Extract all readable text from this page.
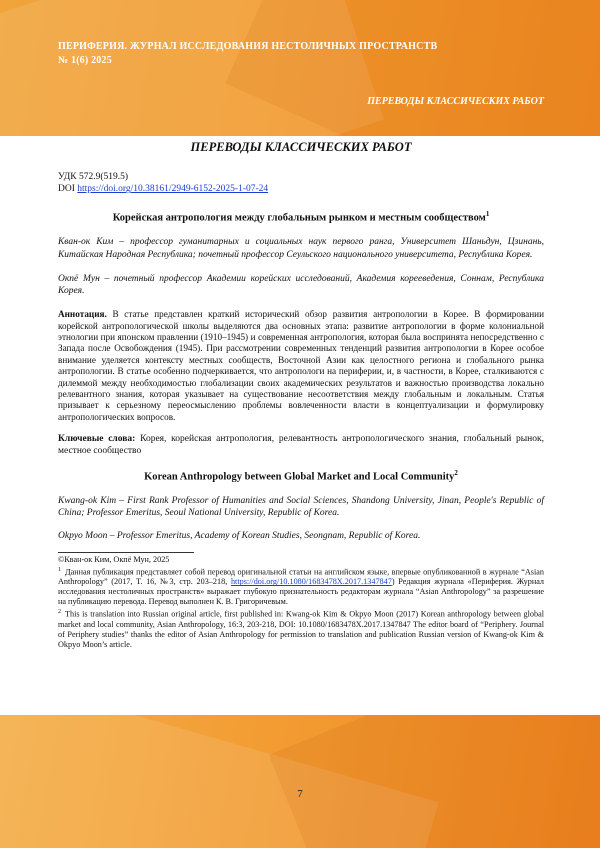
ПЕРИФЕРИЯ. ЖУРНАЛ ИССЛЕДОВАНИЯ НЕСТОЛИЧНЫХ ПРОСТРАНСТВ
№ 1(6) 2025
ПЕРЕВОДЫ КЛАССИЧЕСКИХ РАБОТ
ПЕРЕВОДЫ КЛАССИЧЕСКИХ РАБОТ
УДК 572.9(519.5)
DOI https://doi.org/10.38161/2949-6152-2025-1-07-24
Корейская антропология между глобальным рынком и местным сообществом$^1$

Кван-ок Ким – профессор гуманитарных и социальных наук первого ранга, Университет Шаньдун, Цзинань, Китайская Народная Республика; почетный профессор Сеульского национального университета, Республика Корея.

Окпё Мун – почетный профессор Академии корейских исследований, Академия корееведения, Соннам, Республика Корея.

Аннотация. В статье представлен краткий исторический обзор развития антропологии в Корее. В формировании корейской антропологической школы выделяются два основных этапа: развитие антропологии в форме колониальной этнологии при японском правлении (1910–1945) и современная антропология, которая была воспринята непосредственно с Запада после Освобождения (1945). При рассмотрении современных тенденций развития антропологии в Корее особое внимание уделяется контексту местных сообществ, Восточной Азии как целостного региона и глобального рынка антропологии. В статье особенно подчеркивается, что антропологи на периферии, и, в частности, в Корее, сталкиваются с дилеммой между необходимостью глобализации своих академических результатов и важностью производства локально релевантного знания, которая указывает на существование несоответствия между глобальным и локальным. Статья призывает к серьезному переосмыслению проблемы вовлеченности власти в концептуализации и формулировку антропологических вопросов.

Ключевые слова: Корея, корейская антропология, релевантность антропологического знания, глобальный рынок, местное сообщество

Korean Anthropology between Global Market and Local Community$^2$

Kwang-ok Kim – First Rank Professor of Humanities and Social Sciences, Shandong University, Jinan, People's Republic of China; Professor Emeritus, Seoul National University, Republic of Korea.

Okpyo Moon – Professor Emeritus, Academy of Korean Studies, Seongnam, Republic of Korea.

©Кван-ок Ким, Окпё Мун, 2025

$^1$ Данная публикация представляет собой перевод оригинальной статьи на английском языке, впервые опубликованной в журнале “Asian Anthropology” (2017, Т. 16, №3, стр. 203–218, https://doi.org/10.1080/1683478X.2017.1347847) Редакция журнала «Периферия. Журнал исследования нестоличных пространств» выражает глубокую признательность редакторам журнала “Asian Anthropology” за разрешение на публикацию перевода. Перевод выполнен К. В. Григоричевым.

$^2$ This is translation into Russian original article, first published in: Kwang-ok Kim & Okpyo Moon (2017) Korean anthropology between global market and local community, Asian Anthropology, 16:3, 203-218, DOI: 10.1080/1683478X.2017.1347847 The editor board of “Periphery. Journal of Periphery studies” thanks the editor of Asian Anthropology for permission to translation and publication Russian version of Kwang-ok Kim & Okpyo Moon’s article.

7
